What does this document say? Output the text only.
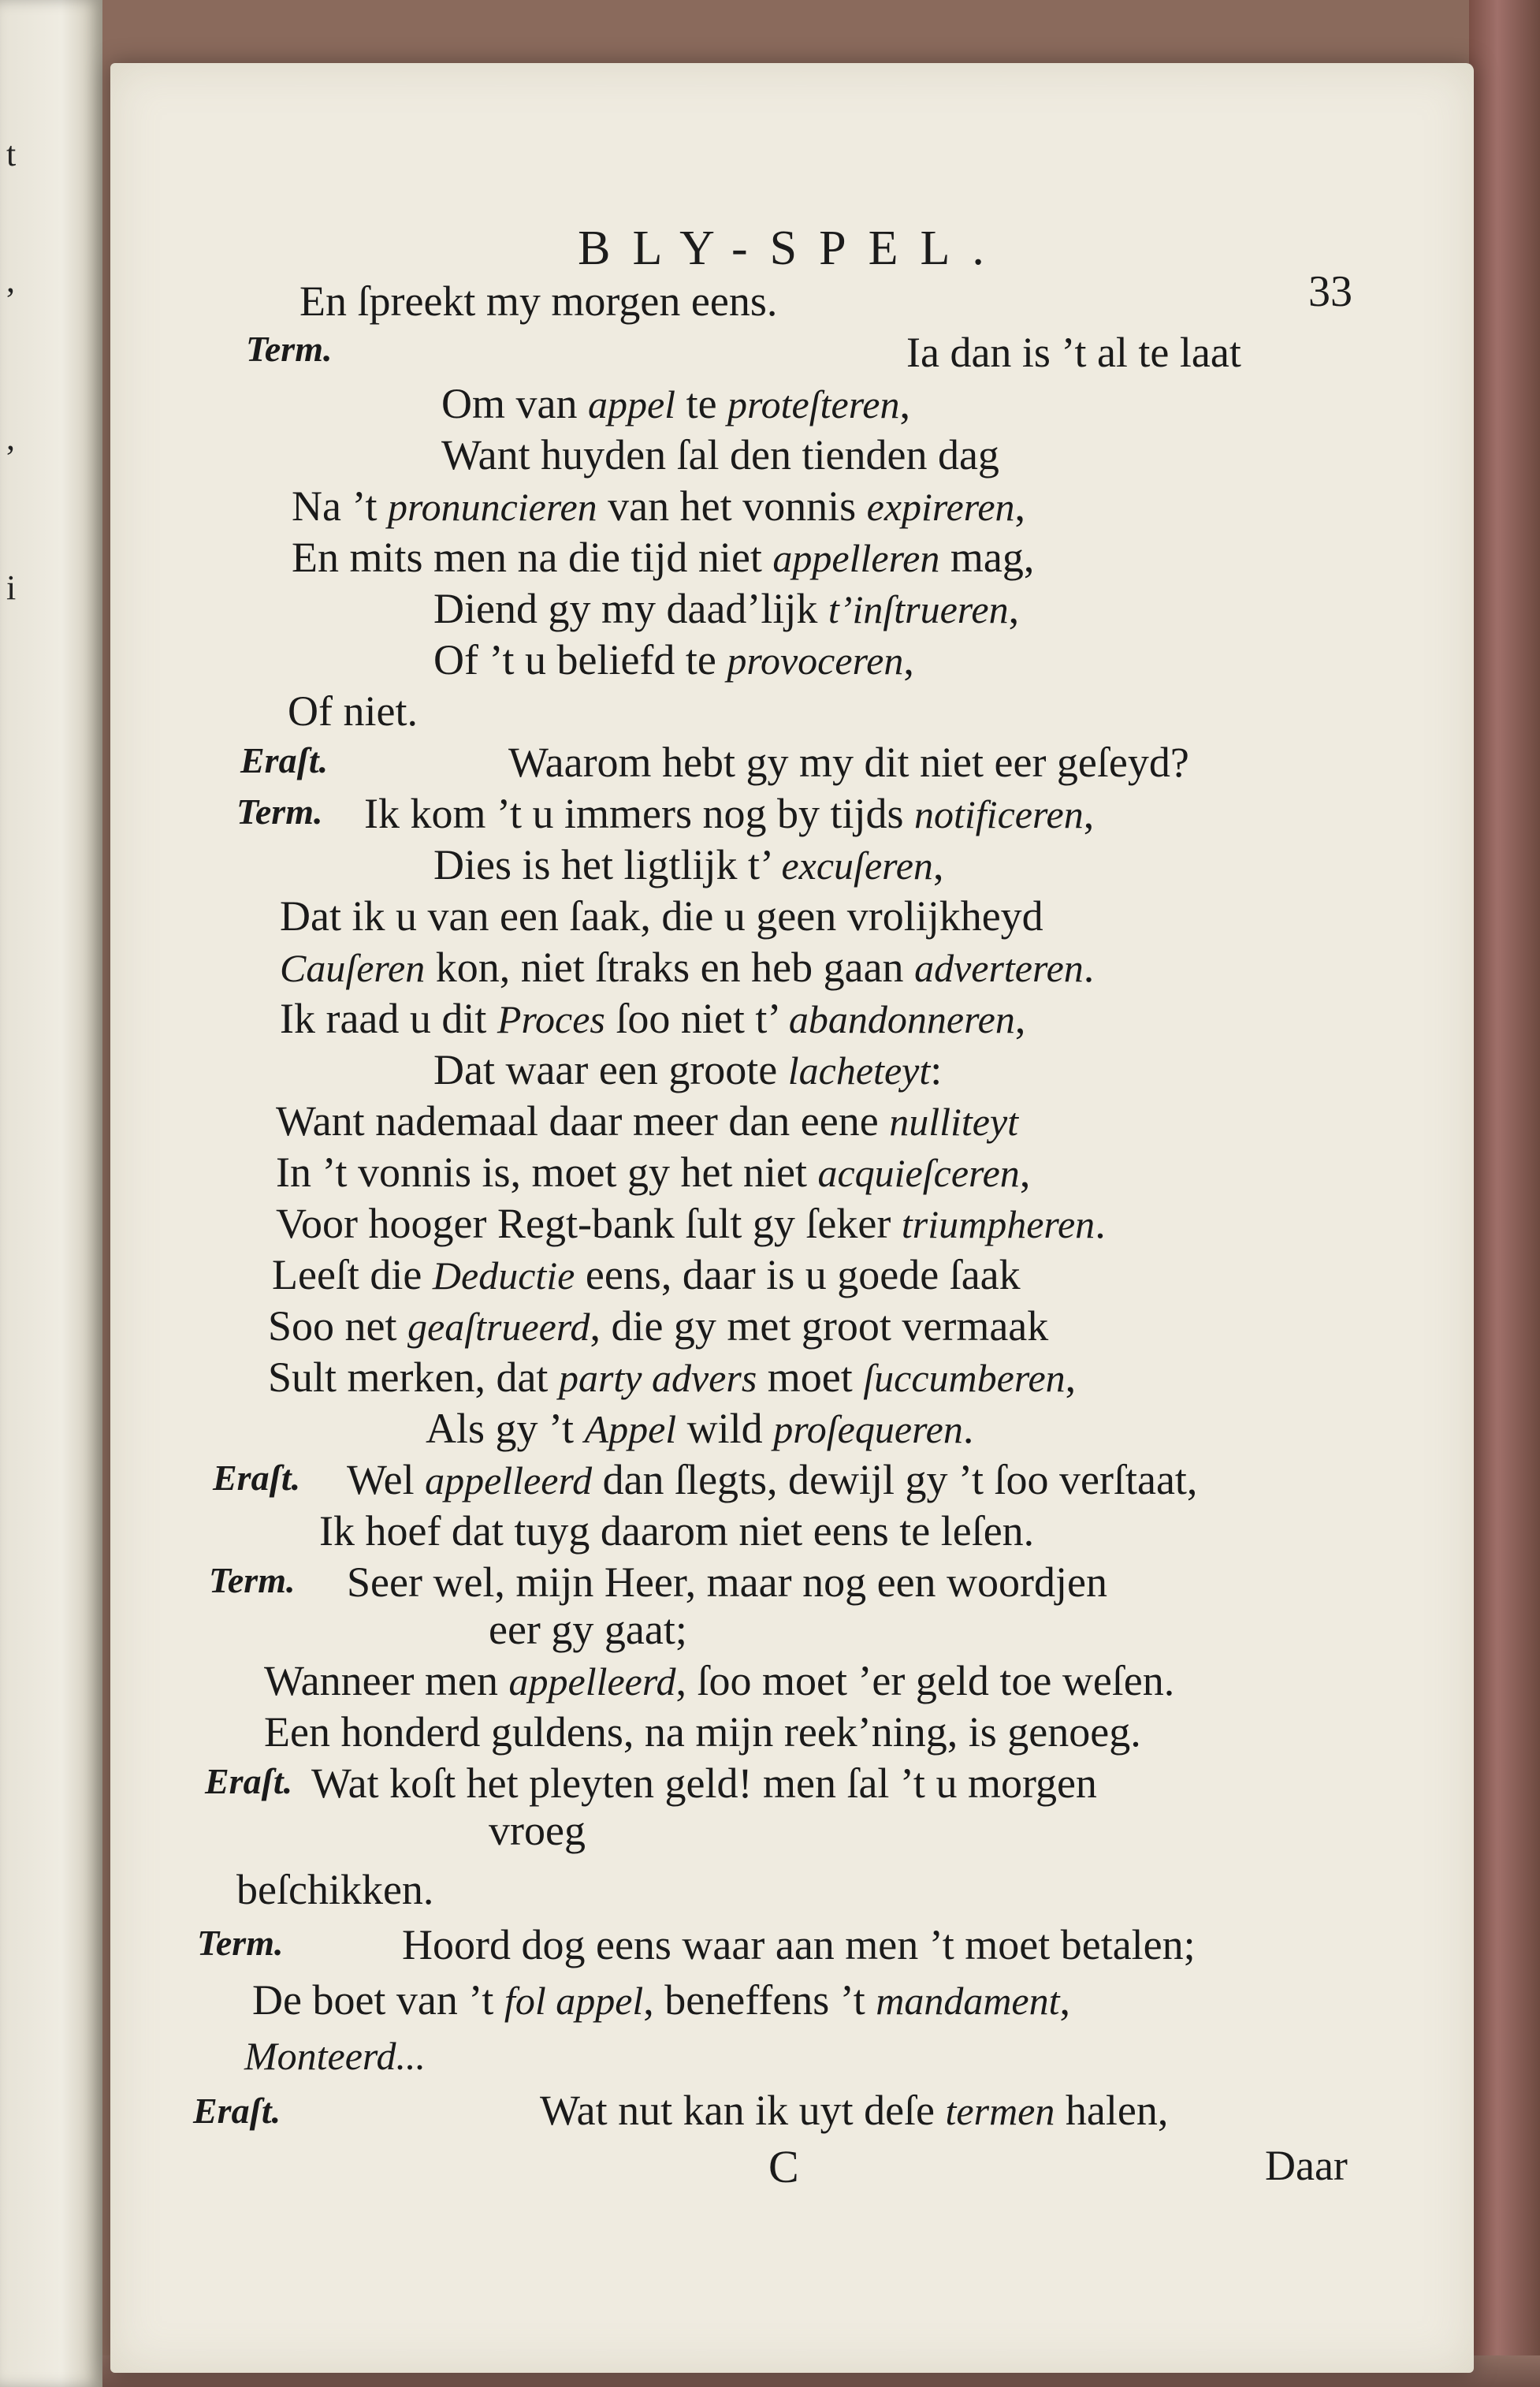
t
,
,
i
BLY-SPEL.
33
En ſpreekt my morgen eens.
Term.	Ia dan is ’t al te laat
Om van appel te proteſteren,
Want huyden ſal den tienden dag
Na ’t pronuncieren van het vonnis expireren,
En mits men na die tijd niet appelleren mag,
Diend gy my daad’lijk t’inſtrueren,
Of ’t u beliefd te provoceren,
Of niet.
Eraſt.	Waarom hebt gy my dit niet eer geſeyd?
Term. Ik kom ’t u immers nog by tijds notificeren,
Dies is het ligtlijk t’ excuſeren,
Dat ik u van een ſaak, die u geen vrolijkheyd
Cauſeren kon, niet ſtraks en heb gaan adverteren.
Ik raad u dit Proces ſoo niet t’ abandonneren,
Dat waar een groote lacheteyt:
Want nademaal daar meer dan eene nulliteyt
In ’t vonnis is, moet gy het niet acquieſceren,
Voor hooger Regt-bank ſult gy ſeker triumpheren.
Leeſt die Deductie eens, daar is u goede ſaak
Soo net geaſtrueerd, die gy met groot vermaak
Sult merken, dat party advers moet ſuccumberen,
Als gy ’t Appel wild proſequeren.
Eraſt. Wel appelleerd dan ſlegts, dewijl gy ’t ſoo verſtaat,
Ik hoef dat tuyg daarom niet eens te leſen.
Term. Seer wel, mijn Heer, maar nog een woordjen
eer gy gaat;
Wanneer men appelleerd, ſoo moet ’er geld toe weſen.
Een honderd guldens, na mijn reek’ning, is genoeg.
Eraſt. Wat koſt het pleyten geld! men ſal ’t u morgen
vroeg
beſchikken.
Term.	Hoord dog eens waar aan men ’t moet betalen;
De boet van ’t fol appel, beneffens ’t mandament,
Monteerd...
Eraſt.	Wat nut kan ik uyt deſe termen halen,
C	Daar
